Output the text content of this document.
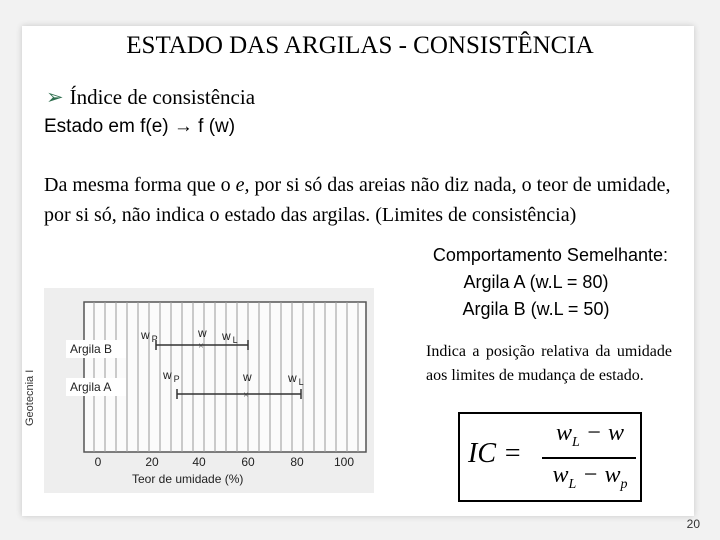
ESTADO DAS ARGILAS - CONSISTÊNCIA
➢ Índice de consistência
Estado em f(e) → f (w)
Da mesma forma que o e, por si só das areias não diz nada, o teor de umidade, por si só, não indica o estado das argilas. (Limites de consistência)
Comportamento Semelhante:
Argila A (w.L = 80)
Argila B (w.L = 50)
×
×
Argila B
Argila A
w $_P$	w w $_L$
w $_P$	w	w $_L$
0	20	40	60	80	100
Teor de umidade (%)
Geotecnia I
Indica a posição relativa da umidade aos limites de mudança de estado.
IC =
$w_L - w$
$w_L - w_p$
20
